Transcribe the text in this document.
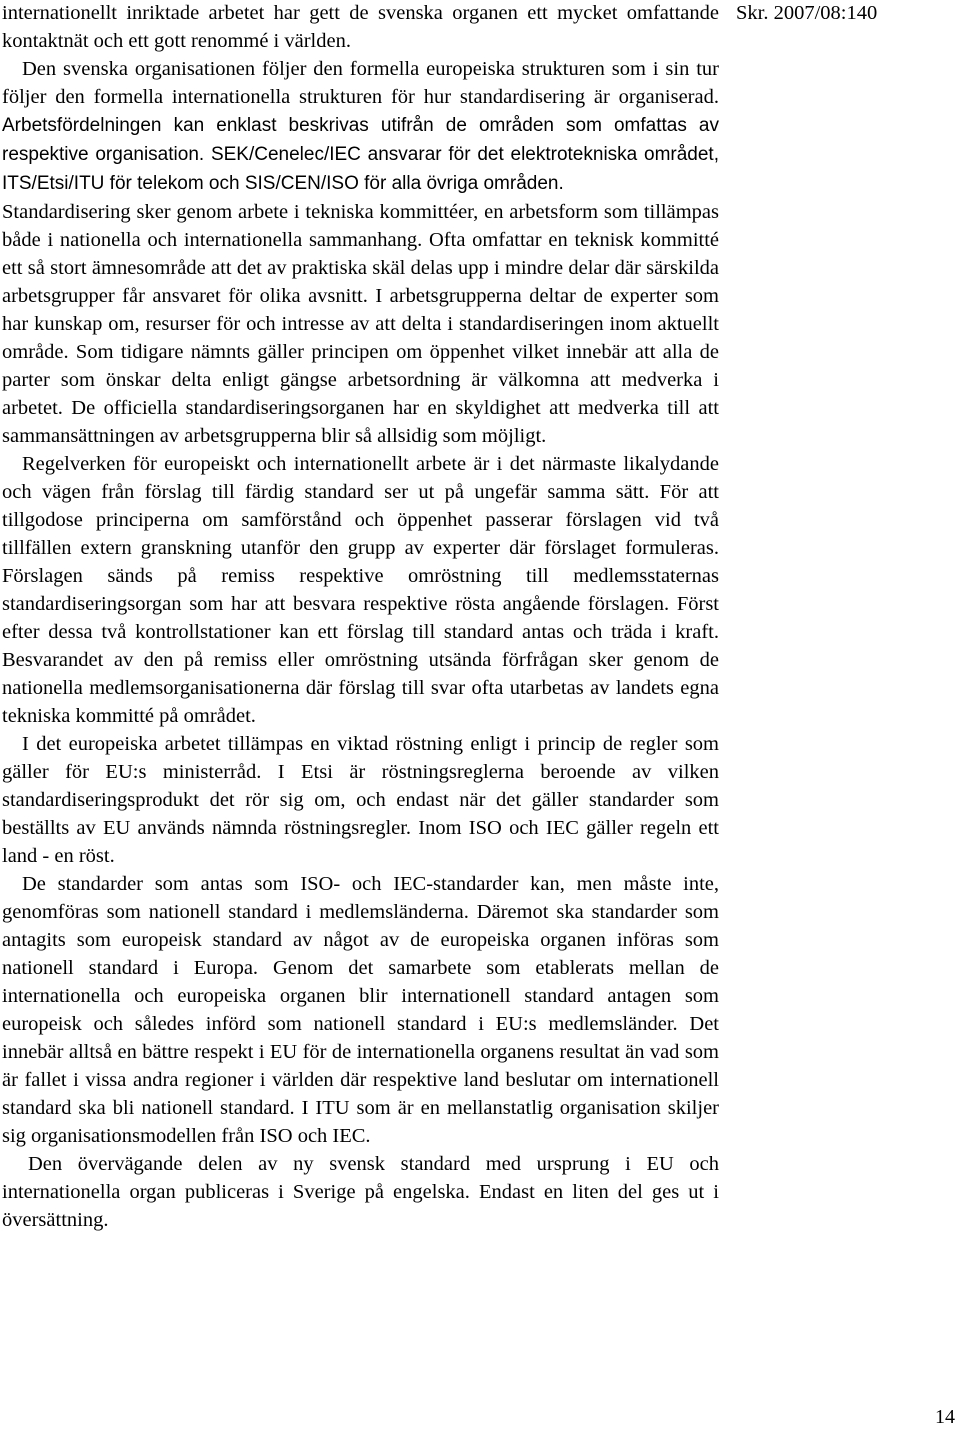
internationellt inriktade arbetet har gett de svenska organen ett mycket omfattande kontaktnät och ett gott renommé i världen.

Den svenska organisationen följer den formella europeiska strukturen som i sin tur följer den formella internationella strukturen för hur standardisering är organiserad. Arbetsfördelningen kan enklast beskrivas utifrån de områden som omfattas av respektive organisation. SEK/Cenelec/IEC ansvarar för det elektrotekniska området, ITS/Etsi/ITU för telekom och SIS/CEN/ISO för alla övriga områden.

Standardisering sker genom arbete i tekniska kommittéer, en arbetsform som tillämpas både i nationella och internationella sammanhang. Ofta omfattar en teknisk kommitté ett så stort ämnesområde att det av praktiska skäl delas upp i mindre delar där särskilda arbetsgrupper får ansvaret för olika avsnitt. I arbetsgrupperna deltar de experter som har kunskap om, resurser för och intresse av att delta i standardiseringen inom aktuellt område. Som tidigare nämnts gäller principen om öppenhet vilket innebär att alla de parter som önskar delta enligt gängse arbetsordning är välkomna att medverka i arbetet. De officiella standardiseringsorganen har en skyldighet att medverka till att sammansättningen av arbetsgrupperna blir så allsidig som möjligt.

Regelverken för europeiskt och internationellt arbete är i det närmaste likalydande och vägen från förslag till färdig standard ser ut på ungefär samma sätt. För att tillgodose principerna om samförstånd och öppenhet passerar förslagen vid två tillfällen extern granskning utanför den grupp av experter där förslaget formuleras. Förslagen sänds på remiss respektive omröstning till medlemsstaternas standardiseringsorgan som har att besvara respektive rösta angående förslagen. Först efter dessa två kontrollstationer kan ett förslag till standard antas och träda i kraft. Besvarandet av den på remiss eller omröstning utsända förfrågan sker genom de nationella medlemsorganisationerna där förslag till svar ofta utarbetas av landets egna tekniska kommitté på området.

I det europeiska arbetet tillämpas en viktad röstning enligt i princip de regler som gäller för EU:s ministerråd. I Etsi är röstningsreglerna beroende av vilken standardiseringsprodukt det rör sig om, och endast när det gäller standarder som beställts av EU används nämnda röstningsregler. Inom ISO och IEC gäller regeln ett land - en röst.

De standarder som antas som ISO- och IEC-standarder kan, men måste inte, genomföras som nationell standard i medlemsländerna. Däremot ska standarder som antagits som europeisk standard av något av de europeiska organen införas som nationell standard i Europa. Genom det samarbete som etablerats mellan de internationella och europeiska organen blir internationell standard antagen som europeisk och således införd som nationell standard i EU:s medlemsländer. Det innebär alltså en bättre respekt i EU för de internationella organens resultat än vad som är fallet i vissa andra regioner i världen där respektive land beslutar om internationell standard ska bli nationell standard. I ITU som är en mellanstatlig organisation skiljer sig organisationsmodellen från ISO och IEC.

Den övervägande delen av ny svensk standard med ursprung i EU och internationella organ publiceras i Sverige på engelska. Endast en liten del ges ut i översättning.

Skr. 2007/08:140
14
